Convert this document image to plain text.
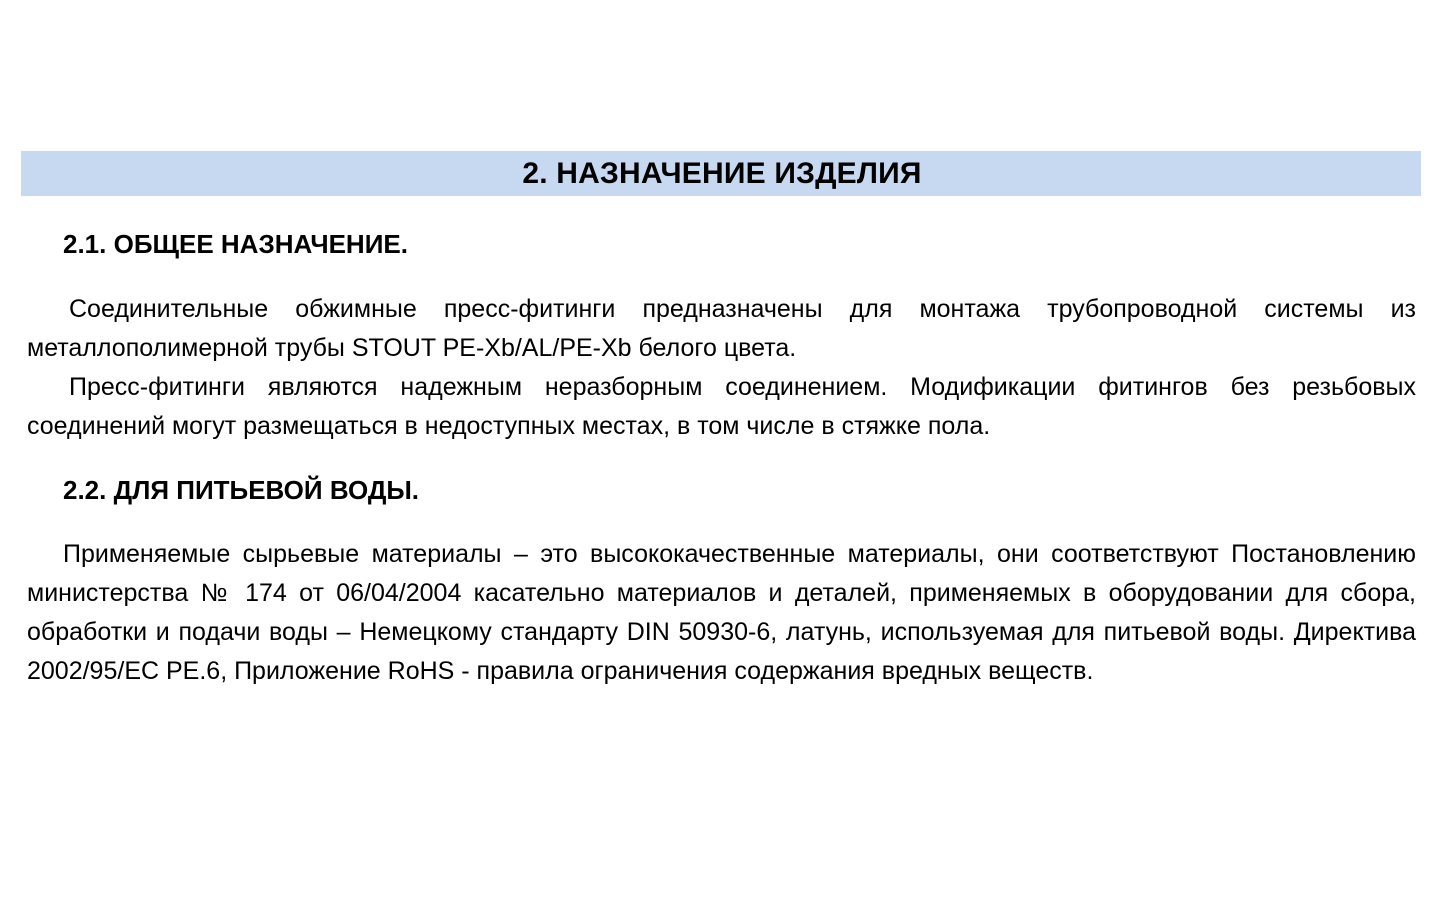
2. НАЗНАЧЕНИЕ ИЗДЕЛИЯ
2.1. ОБЩЕЕ НАЗНАЧЕНИЕ.

Соединительные обжимные пресс-фитинги предназначены для монтажа трубопроводной системы из металлополимерной трубы STOUT PE-Xb/AL/PE-Xb белого цвета.

Пресс-фитинги являются надежным неразборным соединением. Модификации фитингов без резьбовых соединений могут размещаться в недоступных местах, в том числе в стяжке пола.

2.2. ДЛЯ ПИТЬЕВОЙ ВОДЫ.

Применяемые сырьевые материалы – это высококачественные материалы, они соответствуют Постановлению министерства № 174 от 06/04/2004 касательно материалов и деталей, применяемых в оборудовании для сбора, обработки и подачи воды – Немецкому стандарту DIN 50930-6, латунь, используемая для питьевой воды. Директива 2002/95/EC PE.6, Приложение RoHS - правила ограничения содержания вредных веществ.
